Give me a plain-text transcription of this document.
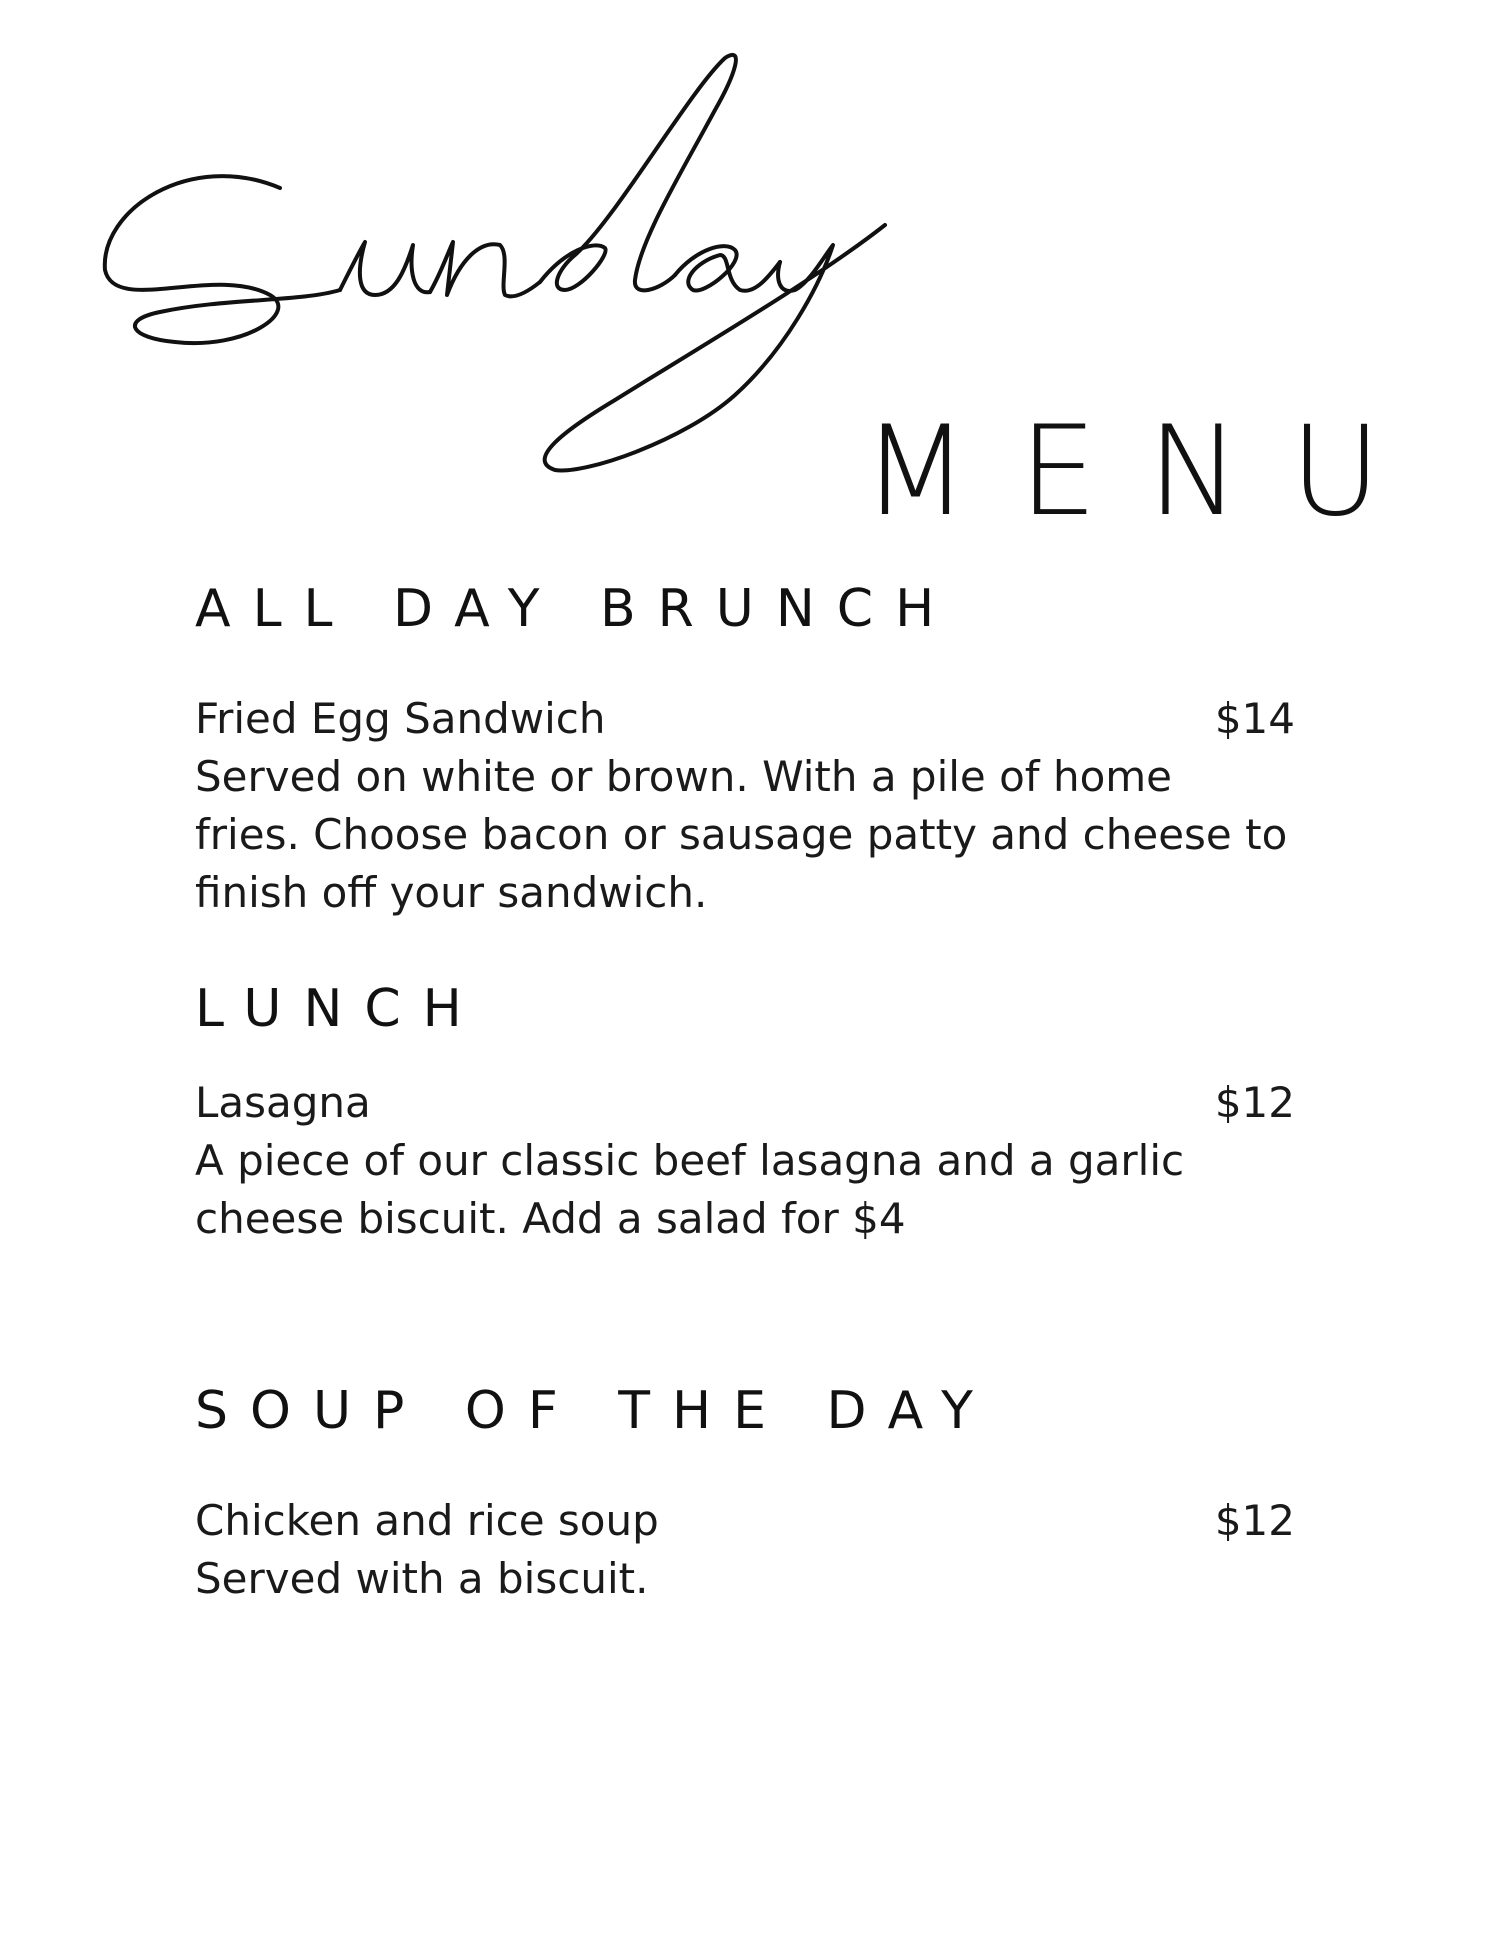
MENU
ALL DAY BRUNCH
Fried Egg Sandwich	$14
Served on white or brown. With a pile of home fries. Choose bacon or sausage patty and cheese to finish off your sandwich.
LUNCH
Lasagna	$12
A piece of our classic beef lasagna and a garlic cheese biscuit. Add a salad for $4
SOUP OF THE DAY
Chicken and rice soup	$12
Served with a biscuit.
